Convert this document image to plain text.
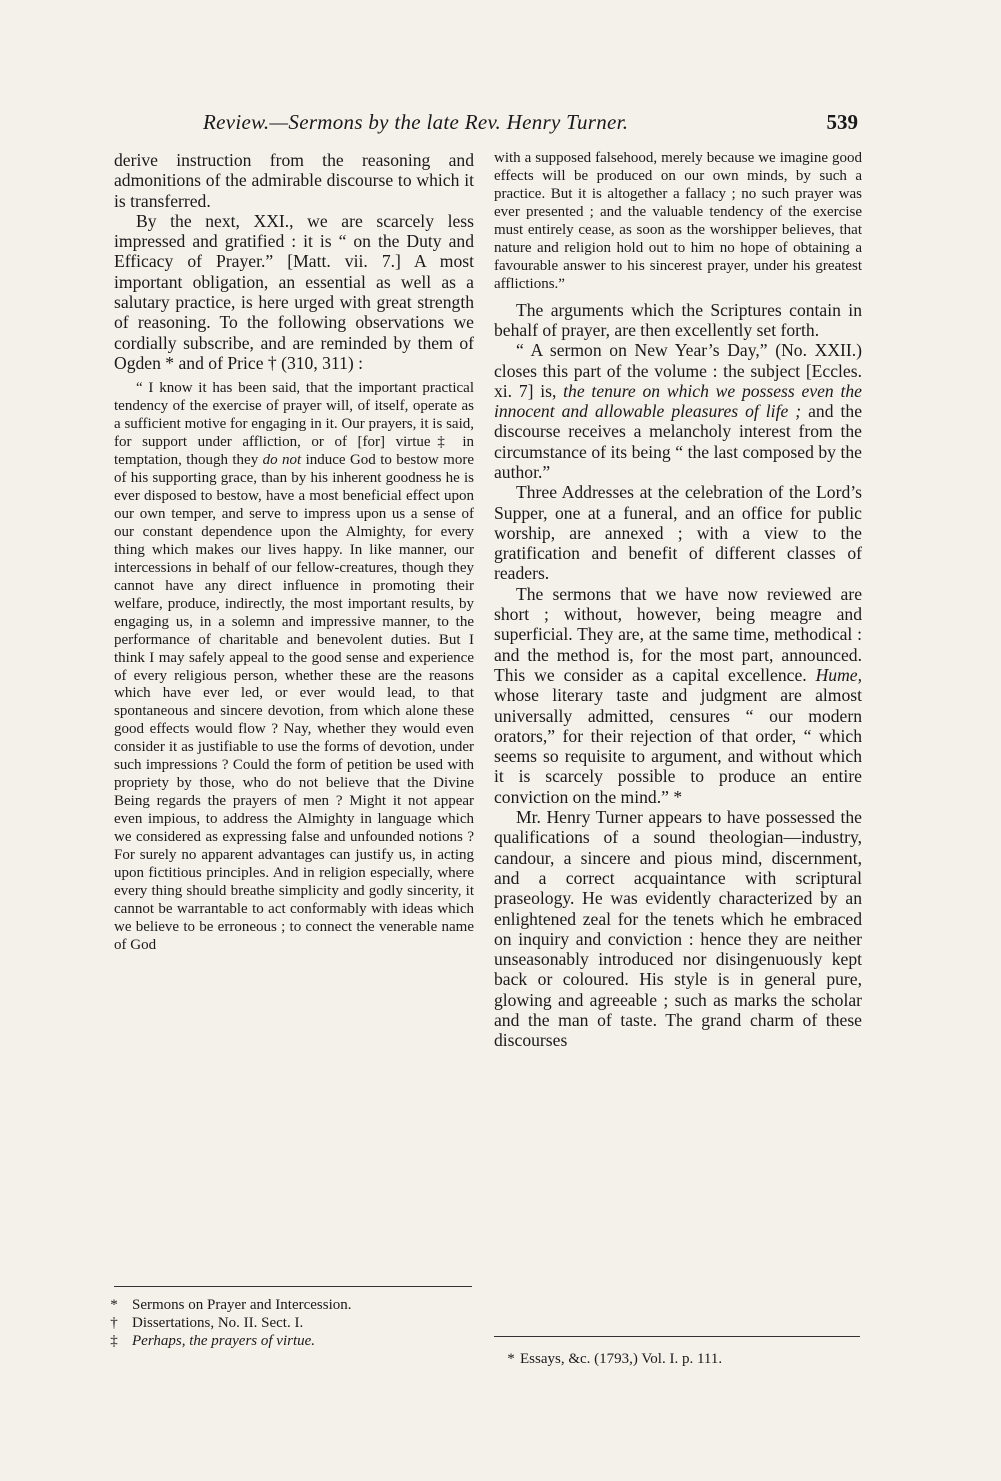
Review.—Sermons by the late Rev. Henry Turner.	539

derive instruction from the reasoning and admonitions of the admirable discourse to which it is transferred.

By the next, XXI., we are scarcely less impressed and gratified : it is “ on the Duty and Efficacy of Prayer.” [Matt. vii. 7.] A most important obligation, an essential as well as a salutary practice, is here urged with great strength of reasoning. To the following observations we cordially subscribe, and are reminded by them of Ogden * and of Price † (310, 311) :

“ I know it has been said, that the important practical tendency of the exercise of prayer will, of itself, operate as a sufficient motive for engaging in it. Our prayers, it is said, for support under affliction, or of [for] virtue‡ in temptation, though they do not induce God to bestow more of his supporting grace, than by his inherent goodness he is ever disposed to bestow, have a most beneficial effect upon our own temper, and serve to impress upon us a sense of our constant dependence upon the Almighty, for every thing which makes our lives happy. In like manner, our intercessions in behalf of our fellow-creatures, though they cannot have any direct influence in promoting their welfare, produce, indirectly, the most important results, by engaging us, in a solemn and impressive manner, to the performance of charitable and benevolent duties. But I think I may safely appeal to the good sense and experience of every religious person, whether these are the reasons which have ever led, or ever would lead, to that spontaneous and sincere devotion, from which alone these good effects would flow ? Nay, whether they would even consider it as justifiable to use the forms of devotion, under such impressions ? Could the form of petition be used with propriety by those, who do not believe that the Divine Being regards the prayers of men ? Might it not appear even impious, to address the Almighty in language which we considered as expressing false and unfounded notions ? For surely no apparent advantages can justify us, in acting upon fictitious principles. And in religion especially, where every thing should breathe simplicity and godly sincerity, it cannot be warrantable to act conformably with ideas which we believe to be erroneous ; to connect the venerable name of God

with a supposed falsehood, merely because we imagine good effects will be produced on our own minds, by such a practice. But it is altogether a fallacy ; no such prayer was ever presented ; and the valuable tendency of the exercise must entirely cease, as soon as the worshipper believes, that nature and religion hold out to him no hope of obtaining a favourable answer to his sincerest prayer, under his greatest afflictions.”

The arguments which the Scriptures contain in behalf of prayer, are then excellently set forth.

“ A sermon on New Year’s Day,” (No. XXII.) closes this part of the volume : the subject [Eccles. xi. 7] is, the tenure on which we possess even the innocent and allowable pleasures of life ; and the discourse receives a melancholy interest from the circumstance of its being “ the last composed by the author.”

Three Addresses at the celebration of the Lord’s Supper, one at a funeral, and an office for public worship, are annexed ; with a view to the gratification and benefit of different classes of readers.

The sermons that we have now reviewed are short ; without, however, being meagre and superficial. They are, at the same time, methodical : and the method is, for the most part, announced. This we consider as a capital excellence. Hume, whose literary taste and judgment are almost universally admitted, censures “ our modern orators,” for their rejection of that order, “ which seems so requisite to argument, and without which it is scarcely possible to produce an entire conviction on the mind.” *

Mr. Henry Turner appears to have possessed the qualifications of a sound theologian—industry, candour, a sincere and pious mind, discernment, and a correct acquaintance with scriptural praseology. He was evidently characterized by an enlightened zeal for the tenets which he embraced on inquiry and conviction : hence they are neither unseasonably introduced nor disingenuously kept back or coloured. His style is in general pure, glowing and agreeable ; such as marks the scholar and the man of taste. The grand charm of these discourses

* Sermons on Prayer and Intercession.

† Dissertations, No. II. Sect. I.

‡ Perhaps, the prayers of virtue.

* Essays, &c. (1793,) Vol. I. p. 111.
